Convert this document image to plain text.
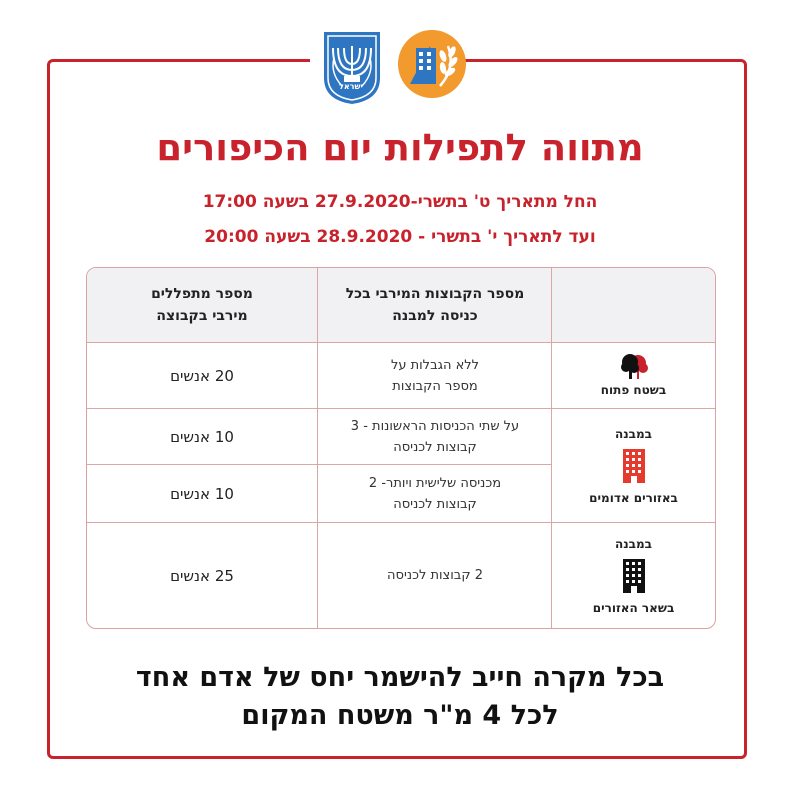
ישראל
מתווה לתפילות יום הכיפורים
החל מתאריך ט' בתשרי-27.9.2020 בשעה 17:00
ועד לתאריך י' בתשרי - 28.9.2020 בשעה 20:00
מספר הקבוצות המירבי בכל כניסה למבנה
מספר מתפללים מירבי בקבוצה
בשטח פתוח
במבנה
באזורים אדומים
במבנה
בשאר האזורים
ללא הגבלות על מספר הקבוצות
20 אנשים
על שתי הכניסות הראשונות - 3 קבוצות לכניסה
10 אנשים
מכניסה שלישית ויותר- 2 קבוצות לכניסה
10 אנשים
2 קבוצות לכניסה
25 אנשים
בכל מקרה חייב להישמר יחס של אדם אחד
לכל 4 מ"ר משטח המקום
